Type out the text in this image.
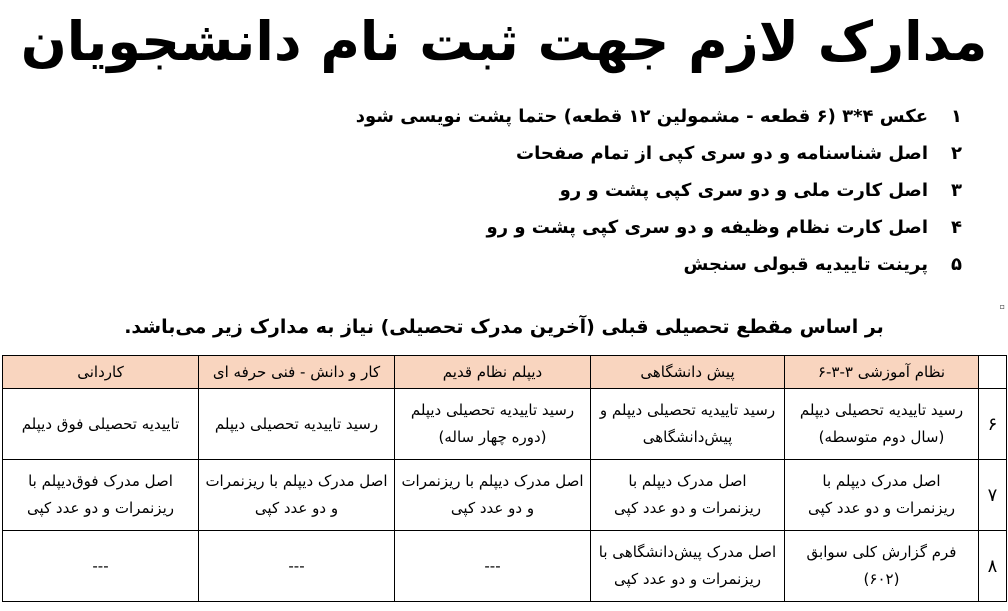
مدارک لازم جهت ثبت نام دانشجویان
۱
عکس ۴*۳ (۶ قطعه - مشمولین ۱۲ قطعه) حتما پشت نویسی شود
۲
اصل شناسنامه و دو سری کپی از تمام صفحات
۳
اصل کارت ملی و دو سری کپی پشت و رو
۴
اصل کارت نظام وظیفه و دو سری کپی پشت و رو
۵
پرینت تاییدیه قبولی سنجش
▫
بر اساس مقطع تحصیلی قبلی (آخرین مدرک تحصیلی) نیاز به مدارک زیر می‌باشد.
	نظام آموزشی ۳-۳-۶	پیش دانشگاهی	دیپلم نظام قدیم	کار و دانش - فنی حرفه ای	کاردانی
۶	رسید تاییدیه تحصیلی دیپلم (سال دوم متوسطه)	رسید تاییدیه تحصیلی دیپلم و پیش‌دانشگاهی	رسید تاییدیه تحصیلی دیپلم (دوره چهار ساله)	رسید تاییدیه تحصیلی دیپلم	تاییدیه تحصیلی فوق دیپلم
۷	اصل مدرک دیپلم با ریزنمرات و دو عدد کپی	اصل مدرک دیپلم با ریزنمرات و دو عدد کپی	اصل مدرک دیپلم با ریزنمرات و دو عدد کپی	اصل مدرک دیپلم با ریزنمرات و دو عدد کپی	اصل مدرک فوق‌دیپلم با ریزنمرات و دو عدد کپی
۸	فرم گزارش کلی سوابق (۶۰۲)	اصل مدرک پیش‌دانشگاهی با ریزنمرات و دو عدد کپی	---	---	---
